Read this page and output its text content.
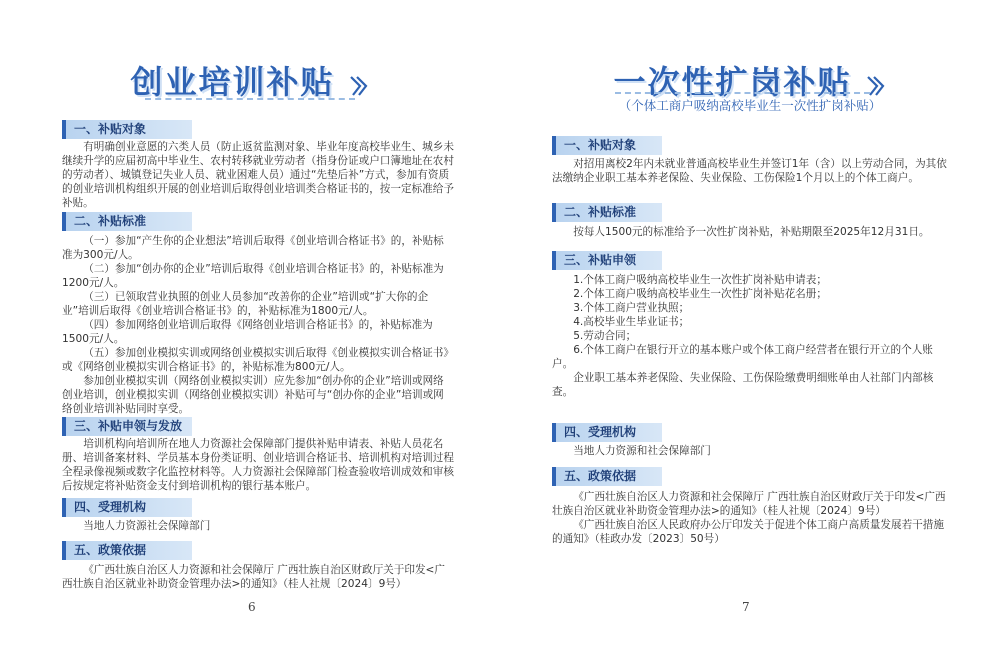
创业培训补贴
一、补贴对象
有明确创业意愿的六类人员（防止返贫监测对象、毕业年度高校毕业生、城乡未继续升学的应届初高中毕业生、农村转移就业劳动者（指身份证或户口簿地址在农村的劳动者）、城镇登记失业人员、就业困难人员）通过“先垫后补”方式，参加有资质的创业培训机构组织开展的创业培训后取得创业培训类合格证书的，按一定标准给予补贴。
二、补贴标准
（一）参加“产生你的企业想法”培训后取得《创业培训合格证书》的，补贴标准为300元/人。
（二）参加“创办你的企业”培训后取得《创业培训合格证书》的，补贴标准为1200元/人。
（三）已领取营业执照的创业人员参加“改善你的企业”培训或“扩大你的企业”培训后取得《创业培训合格证书》的，补贴标准为1800元/人。
（四）参加网络创业培训后取得《网络创业培训合格证书》的，补贴标准为1500元/人。
（五）参加创业模拟实训或网络创业模拟实训后取得《创业模拟实训合格证书》或《网络创业模拟实训合格证书》的，补贴标准为800元/人。
参加创业模拟实训（网络创业模拟实训）应先参加“创办你的企业”培训或网络创业培训，创业模拟实训（网络创业模拟实训）补贴可与“创办你的企业”培训或网络创业培训补贴同时享受。
三、补贴申领与发放
培训机构向培训所在地人力资源社会保障部门提供补贴申请表、补贴人员花名册、培训备案材料、学员基本身份类证明、创业培训合格证书、培训机构对培训过程全程录像视频或数字化监控材料等。人力资源社会保障部门检查验收培训成效和审核后按规定将补贴资金支付到培训机构的银行基本账户。
四、受理机构
当地人力资源社会保障部门
五、政策依据
《广西壮族自治区人力资源和社会保障厅 广西壮族自治区财政厅关于印发<广西壮族自治区就业补助资金管理办法>的通知》（桂人社规〔2024〕9号）
6
一次性扩岗补贴
（个体工商户吸纳高校毕业生一次性扩岗补贴）
一、补贴对象
对招用离校2年内未就业普通高校毕业生并签订1年（含）以上劳动合同，为其依法缴纳企业职工基本养老保险、失业保险、工伤保险1个月以上的个体工商户。
二、补贴标准
按每人1500元的标准给予一次性扩岗补贴，补贴期限至2025年12月31日。
三、补贴申领
1.个体工商户吸纳高校毕业生一次性扩岗补贴申请表；
2.个体工商户吸纳高校毕业生一次性扩岗补贴花名册；
3.个体工商户营业执照；
4.高校毕业生毕业证书；
5.劳动合同；
6.个体工商户在银行开立的基本账户或个体工商户经营者在银行开立的个人账户。
企业职工基本养老保险、失业保险、工伤保险缴费明细账单由人社部门内部核查。
四、受理机构
当地人力资源和社会保障部门
五、政策依据
《广西壮族自治区人力资源和社会保障厅 广西壮族自治区财政厅关于印发<广西壮族自治区就业补助资金管理办法>的通知》（桂人社规〔2024〕9号）
《广西壮族自治区人民政府办公厅印发关于促进个体工商户高质量发展若干措施的通知》（桂政办发〔2023〕50号）
7
